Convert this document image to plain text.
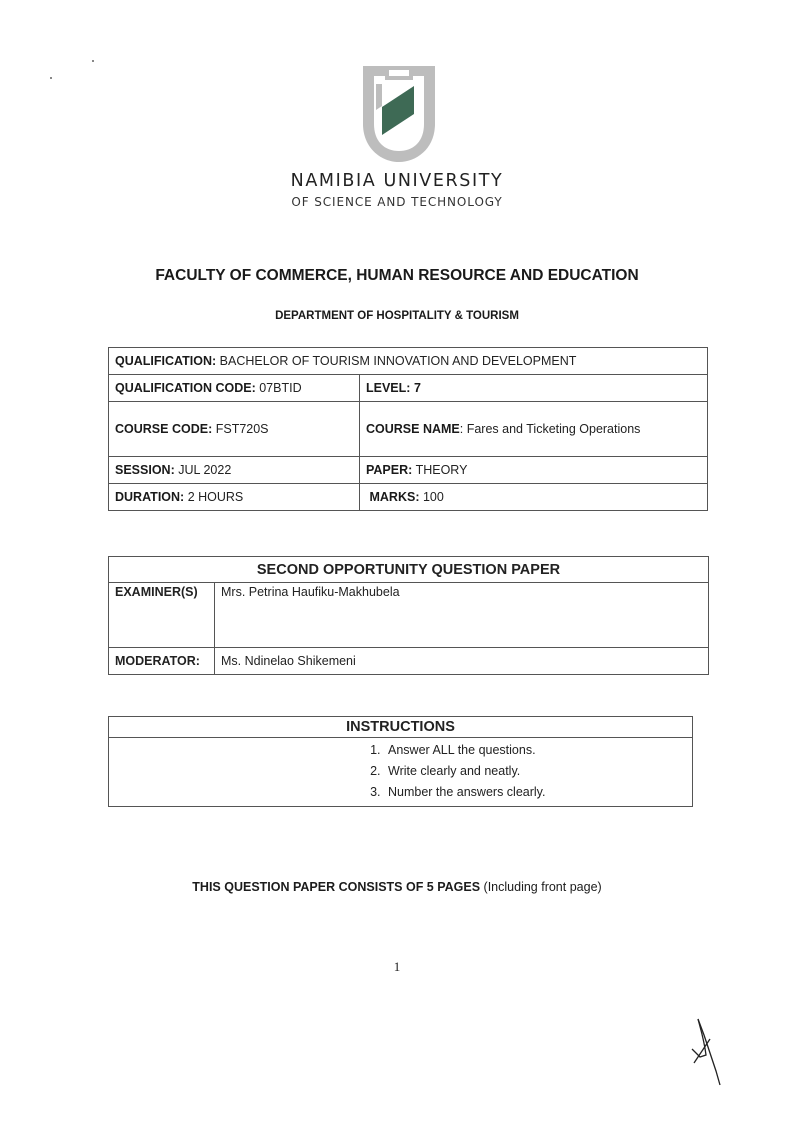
NAMIBIA UNIVERSITY
OF SCIENCE AND TECHNOLOGY
FACULTY OF COMMERCE, HUMAN RESOURCE AND EDUCATION
DEPARTMENT OF HOSPITALITY & TOURISM
QUALIFICATION: BACHELOR OF TOURISM INNOVATION AND DEVELOPMENT	
QUALIFICATION CODE: 07BTID	LEVEL: 7
COURSE CODE: FST720S	COURSE NAME: Fares and Ticketing Operations
SESSION: JUL 2022	PAPER: THEORY
DURATION: 2 HOURS	MARKS: 100
SECOND OPPORTUNITY QUESTION PAPER	
EXAMINER(S)	Mrs. Petrina Haufiku-Makhubela
MODERATOR:	Ms. Ndinelao Shikemeni
INSTRUCTIONS

1. Answer ALL the questions.
2. Write clearly and neatly.
3. Number the answers clearly.
THIS QUESTION PAPER CONSISTS OF 5 PAGES (Including front page)
1
